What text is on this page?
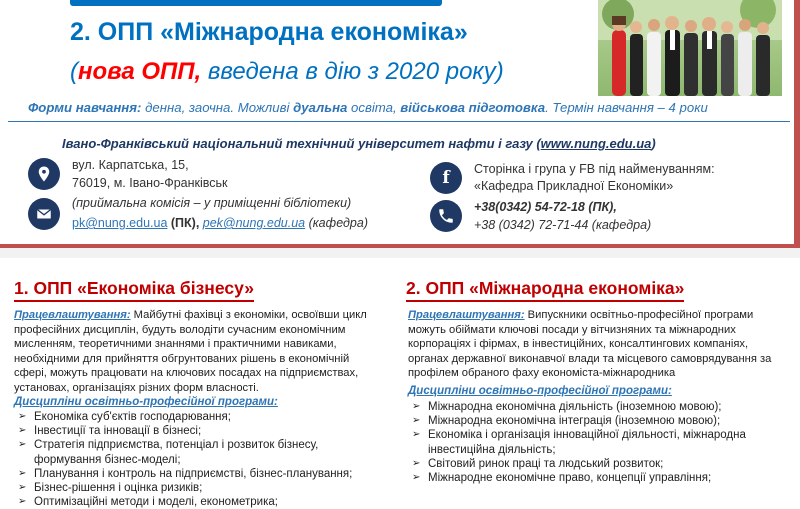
2. ОПП «Міжнародна економіка»
(нова ОПП, введена в дію з 2020 року)
Форми навчання: денна, заочна. Можливі дуальна освіта, військова підготовка. Термін навчання – 4 роки
Івано-Франківський національний технічний університет нафти і газу (www.nung.edu.ua)
вул. Карпатська, 15,
76019, м. Івано-Франківськ
(приймальна комісія – у приміщенні бібліотеки)
pk@nung.edu.ua (ПК), pek@nung.edu.ua (кафедра)
f Сторінка і група у FB під найменуванням:
«Кафедра Прикладної Економіки»
+38(0342) 54-72-18 (ПК),
+38 (0342) 72-71-44 (кафедра)
1. ОПП «Економіка бізнесу»
Працевлаштування: Майбутні фахівці з економіки, освоївши цикл професійних дисциплін, будуть володіти сучасним економічним мисленням, теоретичними знаннями і практичними навиками, необхідними для прийняття обгрунтованих рішень в економічній сфері, можуть працювати на ключових посадах на підприємствах, установах, організаціях різних форм власності.
Дисципліни освітньо-професійної програми:
➢ Економіка суб'єктів господарювання;
➢ Інвестиції та інновації в бізнесі;
➢ Стратегія підприємства, потенціал і розвиток бізнесу, формування бізнес-моделі;
➢ Планування і контроль на підприємстві, бізнес-планування;
➢ Бізнес-рішення і оцінка ризиків;
➢ Оптимізаційні методи і моделі, економетрика;
2. ОПП «Міжнародна економіка»
Працевлаштування: Випускники освітньо-професійної програми можуть обіймати ключові посади у вітчизняних та міжнародних корпораціях і фірмах, в інвестиційних, консалтингових компаніях, органах державної виконавчої влади та місцевого самоврядування за профілем обраного фаху економіста-міжнародника
Дисципліни освітньо-професійної програми:
➢ Міжнародна економічна діяльність (іноземною мовою);
➢ Міжнародна економічна інтеграція (іноземною мовою);
➢ Економіка і організація інноваційної діяльності, міжнародна інвестиційна діяльність;
➢ Світовий ринок праці та людський розвиток;
➢ Міжнародне економічне право, концепції управління;
